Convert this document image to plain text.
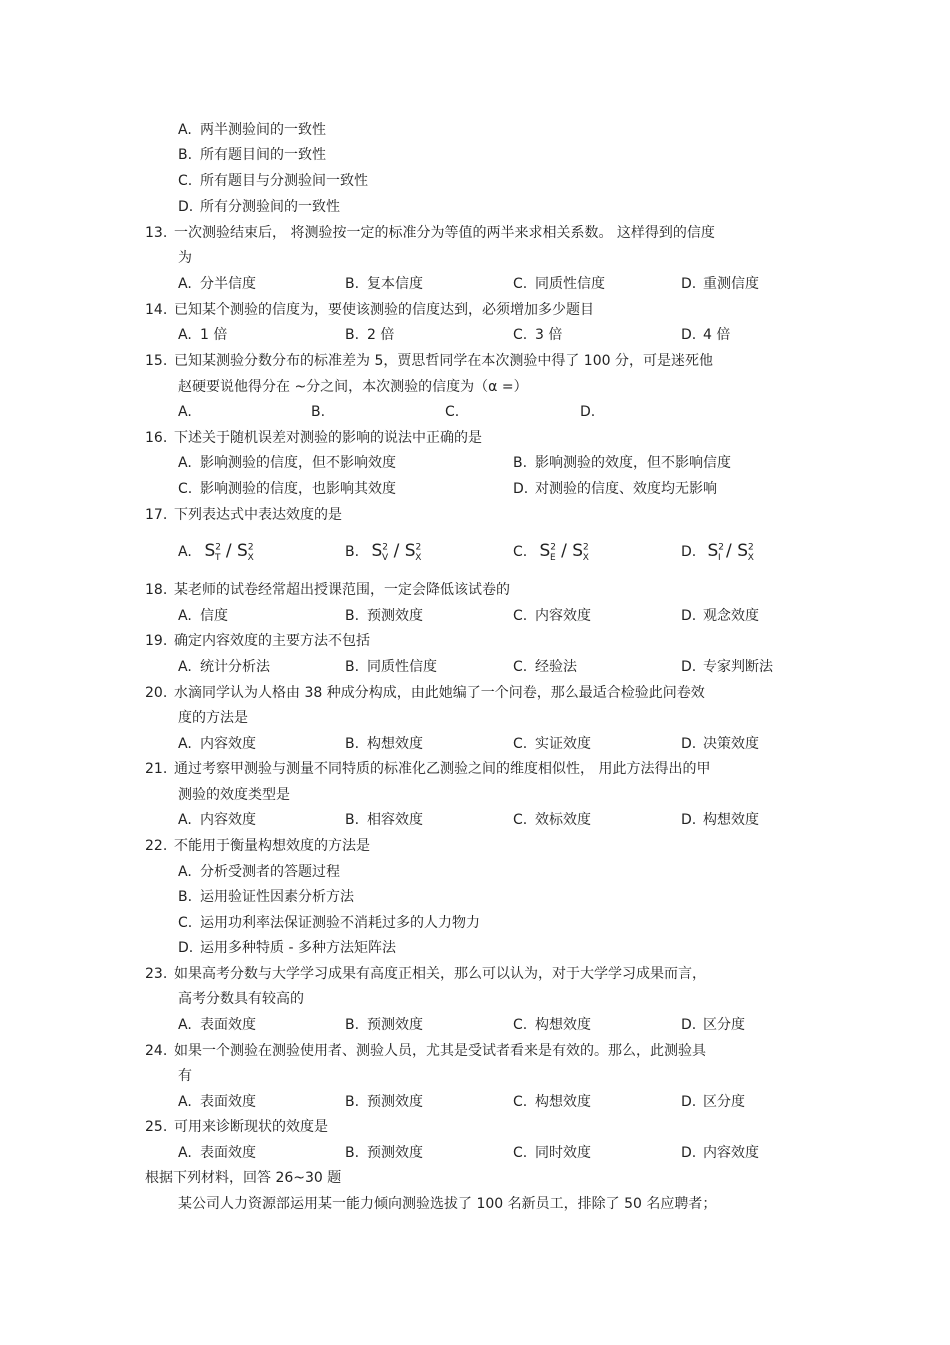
A. 两半测验间的一致性
B. 所有题目间的一致性
C. 所有题目与分测验间一致性
D. 所有分测验间的一致性
13. 一次测验结束后， 将测验按一定的标准分为等值的两半来求相关系数。 这样得到的信度
为
A. 分半信度	B. 复本信度	C. 同质性信度	D. 重测信度
14. 已知某个测验的信度为，要使该测验的信度达到，必须增加多少题目
A. 1 倍	B. 2 倍	C. 3 倍	D. 4 倍
15. 已知某测验分数分布的标准差为 5，贾思哲同学在本次测验中得了 100 分，可是迷死他
赵硬要说他得分在 ~分之间，本次测验的信度为（α =）
A.	B.	C.	D.
16. 下述关于随机误差对测验的影响的说法中正确的是
A. 影响测验的信度，但不影响效度	B. 影响测验的效度，但不影响信度
C. 影响测验的信度，也影响其效度	D. 对测验的信度、效度均无影响
17. 下列表达式中表达效度的是
A. $S^2_T / S^2_X$	B. $S^2_V / S^2_X$	C. $S^2_E / S^2_X$	D. $S^2_I / S^2_X$
18. 某老师的试卷经常超出授课范围，一定会降低该试卷的
A. 信度	B. 预测效度	C. 内容效度	D. 观念效度
19. 确定内容效度的主要方法不包括
A. 统计分析法	B. 同质性信度	C. 经验法	D. 专家判断法
20. 水滴同学认为人格由 38 种成分构成，由此她编了一个问卷，那么最适合检验此问卷效
度的方法是
A. 内容效度	B. 构想效度	C. 实证效度	D. 决策效度
21. 通过考察甲测验与测量不同特质的标准化乙测验之间的维度相似性， 用此方法得出的甲
测验的效度类型是
A. 内容效度	B. 相容效度	C. 效标效度	D. 构想效度
22. 不能用于衡量构想效度的方法是
A. 分析受测者的答题过程
B. 运用验证性因素分析方法
C. 运用功利率法保证测验不消耗过多的人力物力
D. 运用多种特质 - 多种方法矩阵法
23. 如果高考分数与大学学习成果有高度正相关，那么可以认为，对于大学学习成果而言，
高考分数具有较高的
A. 表面效度	B. 预测效度	C. 构想效度	D. 区分度
24. 如果一个测验在测验使用者、测验人员，尤其是受试者看来是有效的。那么，此测验具
有
A. 表面效度	B. 预测效度	C. 构想效度	D. 区分度
25. 可用来诊断现状的效度是
A. 表面效度	B. 预测效度	C. 同时效度	D. 内容效度
根据下列材料，回答 26~30 题
某公司人力资源部运用某一能力倾向测验选拔了 100 名新员工，排除了 50 名应聘者；
